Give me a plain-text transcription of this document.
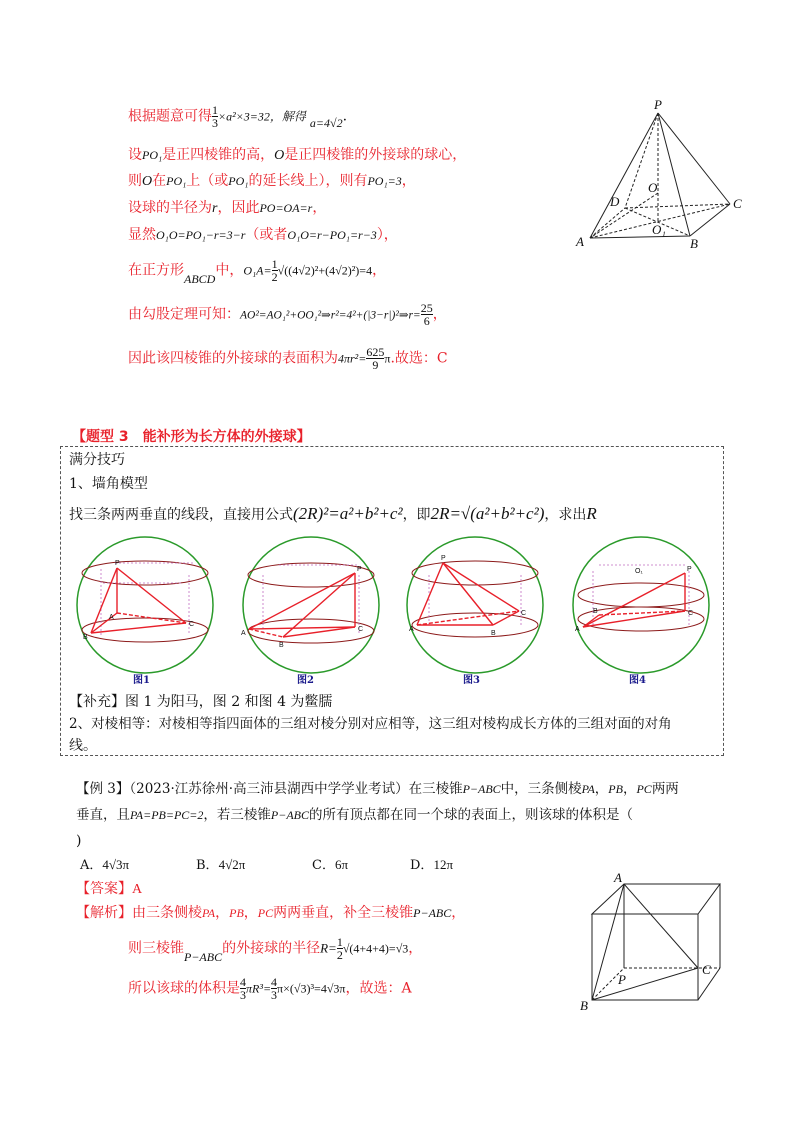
根据题意可得 $\frac{1}{3} \times a^2\times 3=32$，解得 a=4√2.
设PO₁是正四棱锥的高，O是正四棱锥的外接球的球心，
则O在PO₁上（或PO₁的延长线上），则有PO₁=3，
设球的半径为r，因此PO=OA=r，
显然O₁O=PO₁−r=3−r（或者O₁O=r−PO₁=r−3），
在正方形ABCD中，$O_1A= \frac{1}{2} √((4√2)^2+(4√2)^2)=4$，
由勾股定理可知：AO²=AO₁²+OO₁²⇒r²=4²+(|3−r|)²⇒r= $\frac{25}{6}$ ，
因此该四棱锥的外接球的表面积为$4\pi r^2= \frac{625}{9} \pi$.故选：C
P
D
O
C
A
O₁
B
【题型 3　能补形为长方体的外接球】
满分技巧
1、墙角模型
找三条两两垂直的线段，直接用公式(2R)²=a²+b²+c²，即2R=√(a²+b²+c²)，求出R
P
A
C
B
P
A
C
B
P
A
C
B
P
A
C
B
O₁
图1	图2	图3	图4
【补充】图 1 为阳马，图 2 和图 4 为鳖臑
2、对棱相等：对棱相等指四面体的三组对棱分别对应相等，这三组对棱构成长方体的三组对面的对角
线。
【例 3】（2023·江苏徐州·高三沛县湖西中学学业考试）在三棱锥P−ABC中，三条侧棱PA，PB，PC两两
垂直，且PA=PB=PC=2，若三棱锥P−ABC的所有顶点都在同一个球的表面上，则该球的体积是（
)
A．4√3π	B．4√2π	C．6π	D．12π
【答案】A
【解析】由三条侧棱PA，PB，PC两两垂直，补全三棱锥P−ABC，
则三棱锥P−ABC的外接球的半径$R= \frac{1}{2} √(4+4+4)=√3$，
所以该球的体积是 $\frac{4}{3} \pi R^3= \frac{4}{3} \pi\times(√3)^3=4√3\pi$，故选：A
A
C
P
B
